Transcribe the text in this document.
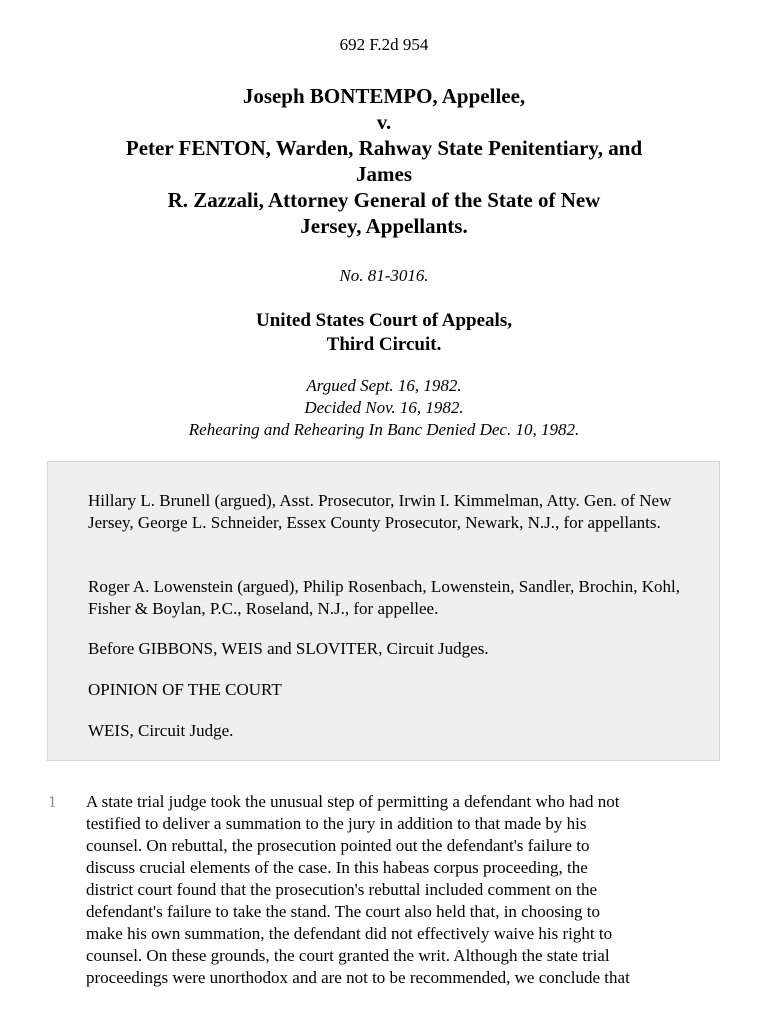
692 F.2d 954
Joseph BONTEMPO, Appellee,
v.
Peter FENTON, Warden, Rahway State Penitentiary, and
James
R. Zazzali, Attorney General of the State of New
Jersey, Appellants.
No. 81-3016.
United States Court of Appeals,
Third Circuit.
Argued Sept. 16, 1982.
Decided Nov. 16, 1982.
Rehearing and Rehearing In Banc Denied Dec. 10, 1982.

Hillary L. Brunell (argued), Asst. Prosecutor, Irwin I. Kimmelman, Atty. Gen. of New Jersey, George L. Schneider, Essex County Prosecutor, Newark, N.J., for appellants.

Roger A. Lowenstein (argued), Philip Rosenbach, Lowenstein, Sandler, Brochin, Kohl, Fisher & Boylan, P.C., Roseland, N.J., for appellee.

Before GIBBONS, WEIS and SLOVITER, Circuit Judges.

OPINION OF THE COURT

WEIS, Circuit Judge.

1 A state trial judge took the unusual step of permitting a defendant who had not
testified to deliver a summation to the jury in addition to that made by his
counsel. On rebuttal, the prosecution pointed out the defendant's failure to
discuss crucial elements of the case. In this habeas corpus proceeding, the
district court found that the prosecution's rebuttal included comment on the
defendant's failure to take the stand. The court also held that, in choosing to
make his own summation, the defendant did not effectively waive his right to
counsel. On these grounds, the court granted the writ. Although the state trial
proceedings were unorthodox and are not to be recommended, we conclude that
